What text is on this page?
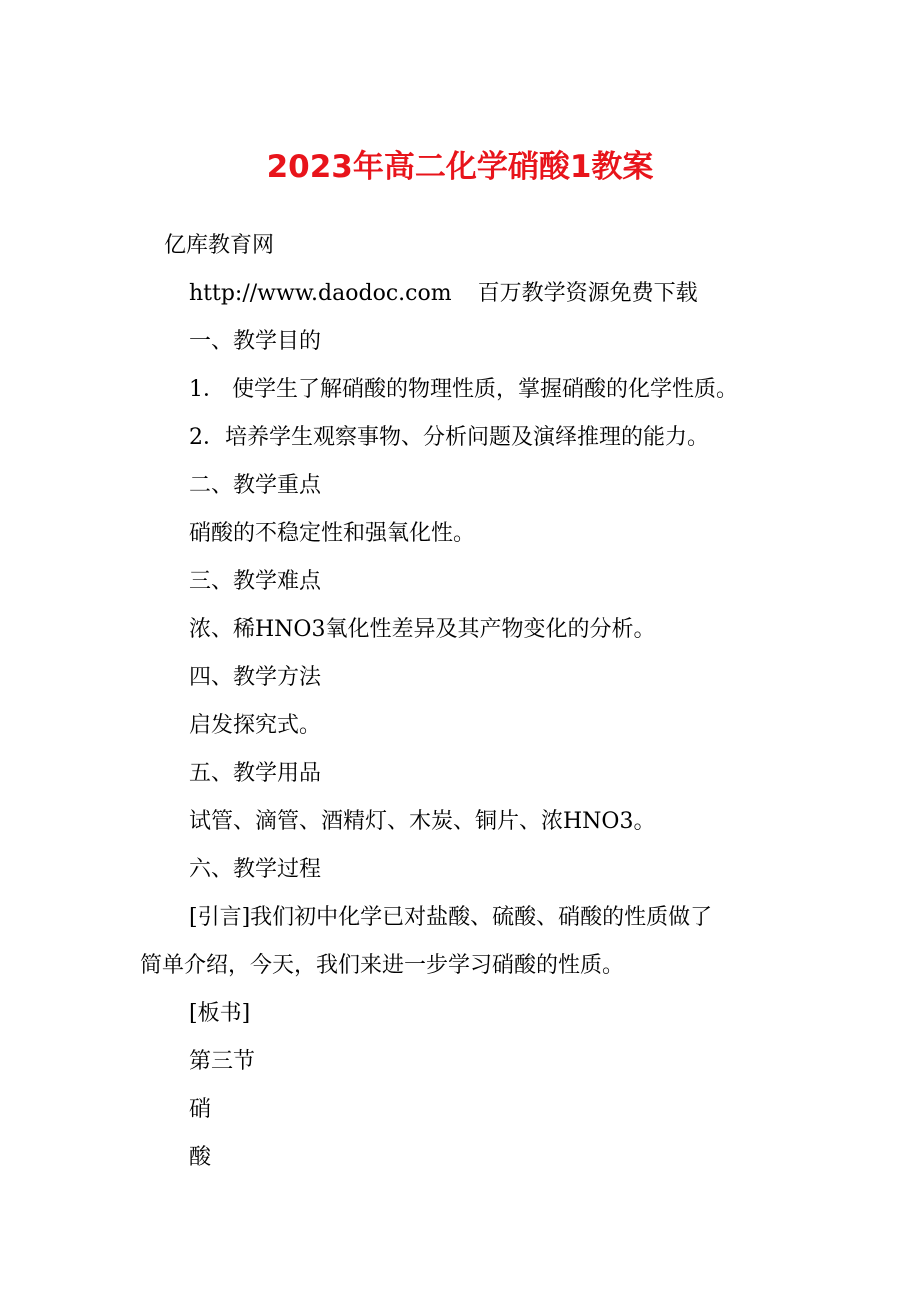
2023年高二化学硝酸1教案

亿库教育网

http://www.daodoc.com 百万教学资源免费下载

一、教学目的

1． 使学生了解硝酸的物理性质，掌握硝酸的化学性质。

2．培养学生观察事物、分析问题及演绎推理的能力。

二、教学重点

硝酸的不稳定性和强氧化性。

三、教学难点

浓、稀HNO3氧化性差异及其产物变化的分析。

四、教学方法

启发探究式。

五、教学用品

试管、滴管、酒精灯、木炭、铜片、浓HNO3。

六、教学过程

[引言]我们初中化学已对盐酸、硫酸、硝酸的性质做了

简单介绍，今天，我们来进一步学习硝酸的性质。

[板书]

第三节

硝

酸
